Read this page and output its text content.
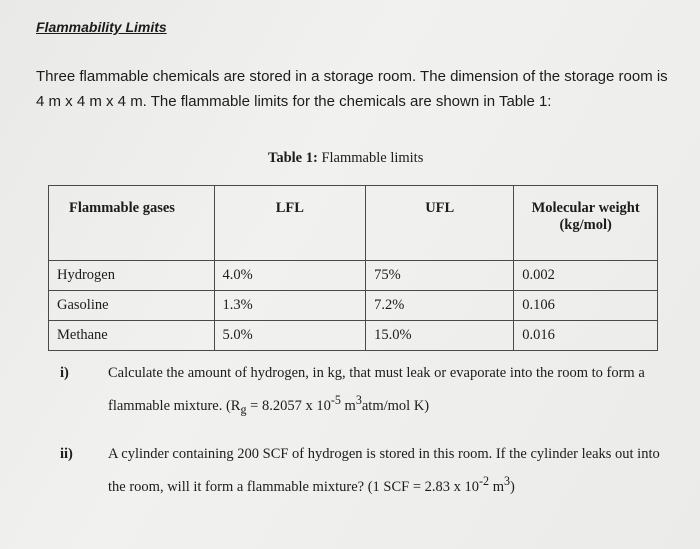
Flammability Limits

Three flammable chemicals are stored in a storage room. The dimension of the storage room is 4 m x 4 m x 4 m. The flammable limits for the chemicals are shown in Table 1:

Table 1: Flammable limits
Flammable gases	LFL	UFL	Molecular weight (kg/mol)
Hydrogen	4.0%	75%	0.002
Gasoline	1.3%	7.2%	0.106
Methane	5.0%	15.0%	0.016
i)	Calculate the amount of hydrogen, in kg, that must leak or evaporate into the room to form a flammable mixture. ($R_g = 8.2057$ x $10^{-5}$ $m^3atm$/mol K)
ii) A cylinder containing 200 SCF of hydrogen is stored in this room. If the cylinder leaks out into the room, will it form a flammable mixture? (1 SCF = 2.83 x $10^{-2}$ $m^3$)
